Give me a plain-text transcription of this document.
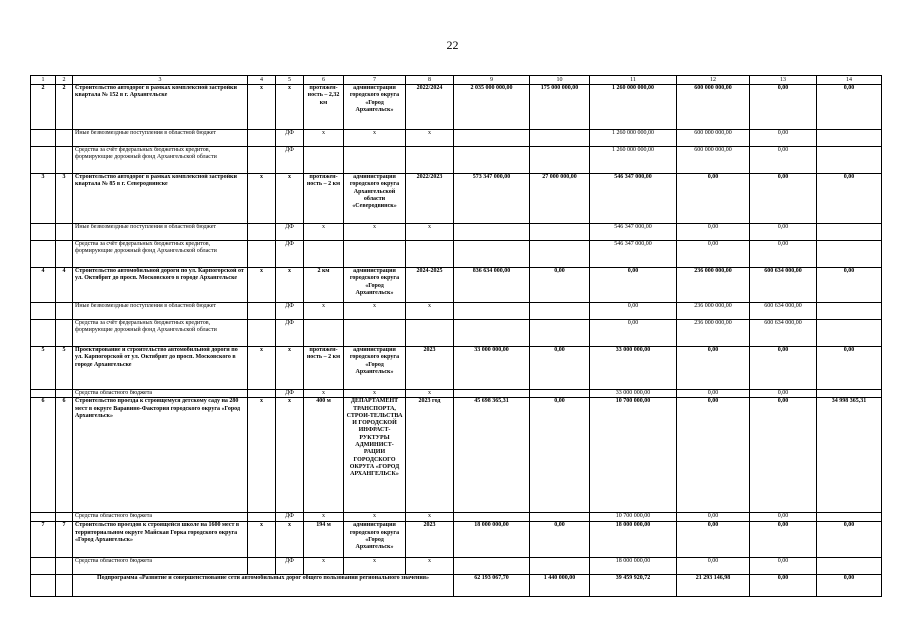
22
1	2	3	4	5	6	7	8	9	10	11	12	13	14
2	2	Строительство автодорог в рамках комплексной застройки квартала № 152 в г. Архангельске	х	х	протяжен-ность – 2,32 км	администрация городского округа «Город Архангельск»	2022/2024	2 035 000 000,00	175 000 000,00	1 260 000 000,00	600 000 000,00	0,00	0,00
		Иные безвозмездные поступления в областной бюджет		ДФ	х	х	х			1 260 000 000,00	600 000 000,00	0,00	
		Средства за счёт федеральных бюджетных кредитов, формирующие дорожный фонд Архангельской области		ДФ						1 260 000 000,00	600 000 000,00	0,00	
3	3	Строительство автодорог в рамках комплексной застройки квартала № 85 в г. Северодвинске	х	х	протяжен-ность – 2 км	администрация городского округа Архангельской области «Северодвинск»	2022/2023	573 347 000,00	27 000 000,00	546 347 000,00	0,00	0,00	0,00
		Иные безвозмездные поступления в областной бюджет		ДФ	х	х	х			546 347 000,00	0,00	0,00	
		Средства за счёт федеральных бюджетных кредитов, формирующие дорожный фонд Архангельской области		ДФ						546 347 000,00	0,00	0,00	
4	4	Строительство автомобильной дороги по ул. Карпогорской от ул. Октябрят до просп. Московского в городе Архангельске	х	х	2 км	администрация городского округа «Город Архангельск»	2024-2025	836 634 000,00	0,00	0,00	236 000 000,00	600 634 000,00	0,00
		Иные безвозмездные поступления в областной бюджет		ДФ	х	х	х			0,00	236 000 000,00	600 634 000,00	
		Средства за счёт федеральных бюджетных кредитов, формирующие дорожный фонд Архангельской области		ДФ						0,00	236 000 000,00	600 634 000,00	
5	5	Проектирование и строительство автомобильной дороги по ул. Карпогорской от ул. Октябрят до просп. Московского в городе Архангельске	х	х	протяжен-ность – 2 км	администрация городского округа «Город Архангельск»	2023	33 000 000,00	0,00	33 000 000,00	0,00	0,00	0,00
		Средства областного бюджета		ДФ	х	х	х			33 000 000,00	0,00	0,00	
6	6	Строительство проезда к строящемуся детскому саду на 280 мест в округе Варавино-Фактория городского округа «Город Архангельск»	х	х	400 м	ДЕПАРТАМЕНТ ТРАНСПОРТА, СТРОИ-ТЕЛЬСТВА И ГОРОДСКОЙ ИНФРАСТ-РУКТУРЫ АДМИНИСТ-РАЦИИ ГОРОДСКОГО ОКРУГА «ГОРОД АРХАНГЕЛЬСК»	2023 год	45 698 365,31	0,00	10 700 000,00	0,00	0,00	34 998 365,31
		Средства областного бюджета		ДФ	х	х	х			10 700 000,00	0,00	0,00	
7	7	Строительство проездов к строящейся школе на 1600 мест в территориальном округе Майская Горка городского округа «Город Архангельск»	х	х	194 м	администрация городского округа «Город Архангельск»	2023	18 000 000,00	0,00	18 000 000,00	0,00	0,00	0,00
		Средства областного бюджета		ДФ	х	х	х			18 000 000,00	0,00	0,00	
		Подпрограмма «Развитие и совершенствование сети автомобильных дорог общего пользования регионального значения»						62 193 067,70	1 440 000,00	39 459 920,72	21 293 146,98	0,00	0,00
